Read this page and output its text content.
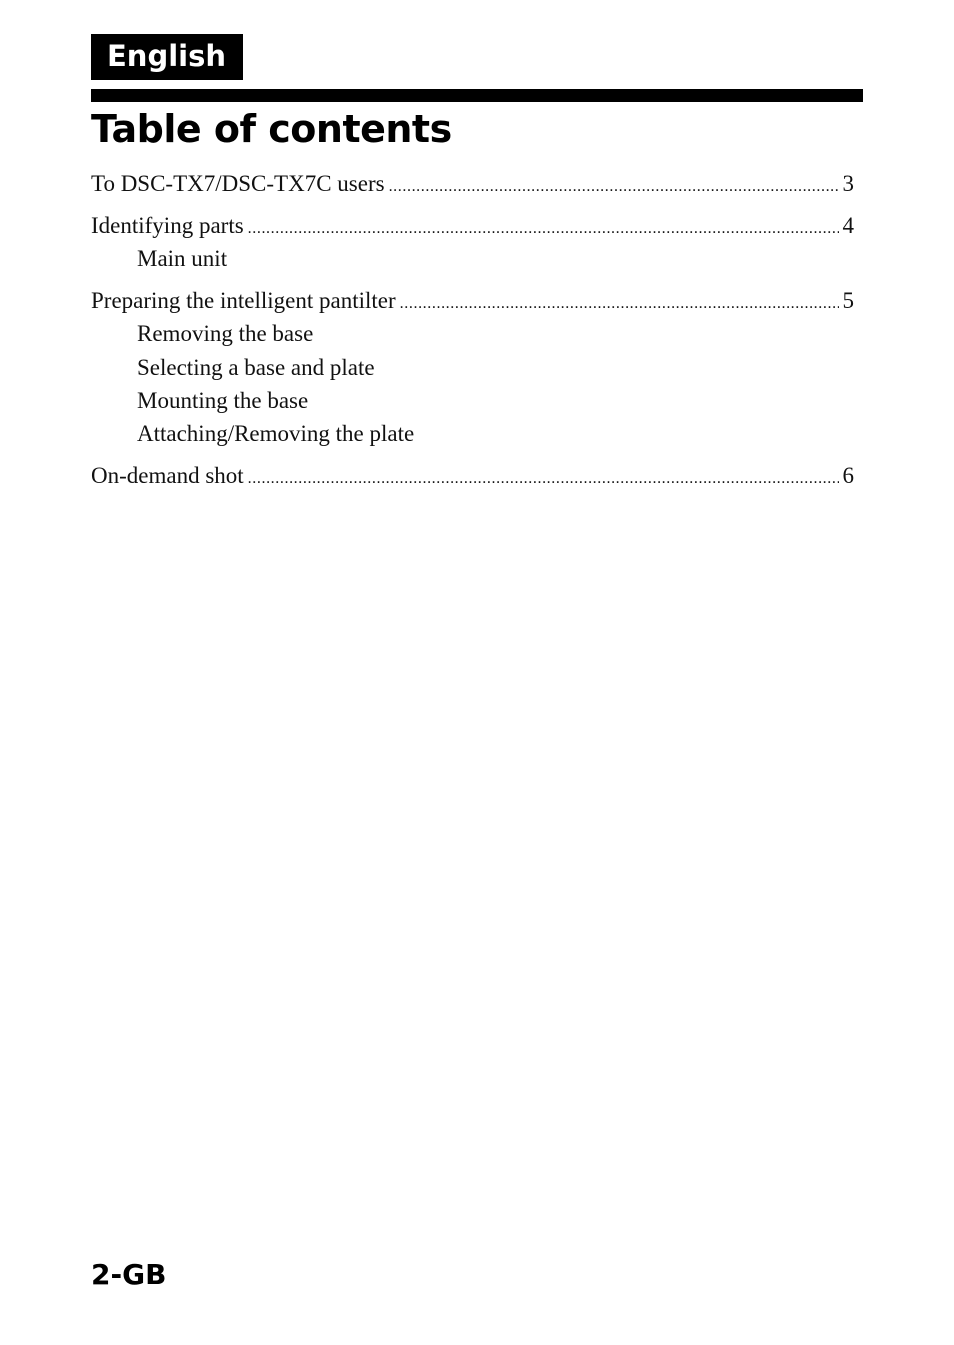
English
Table of contents
To DSC-TX7/DSC-TX7C users .....	3
Identifying parts .....	4
Main unit
Preparing the intelligent pantilter .....	5
Removing the base
Selecting a base and plate
Mounting the base
Attaching/Removing the plate
On-demand shot .....	6
2-GB
